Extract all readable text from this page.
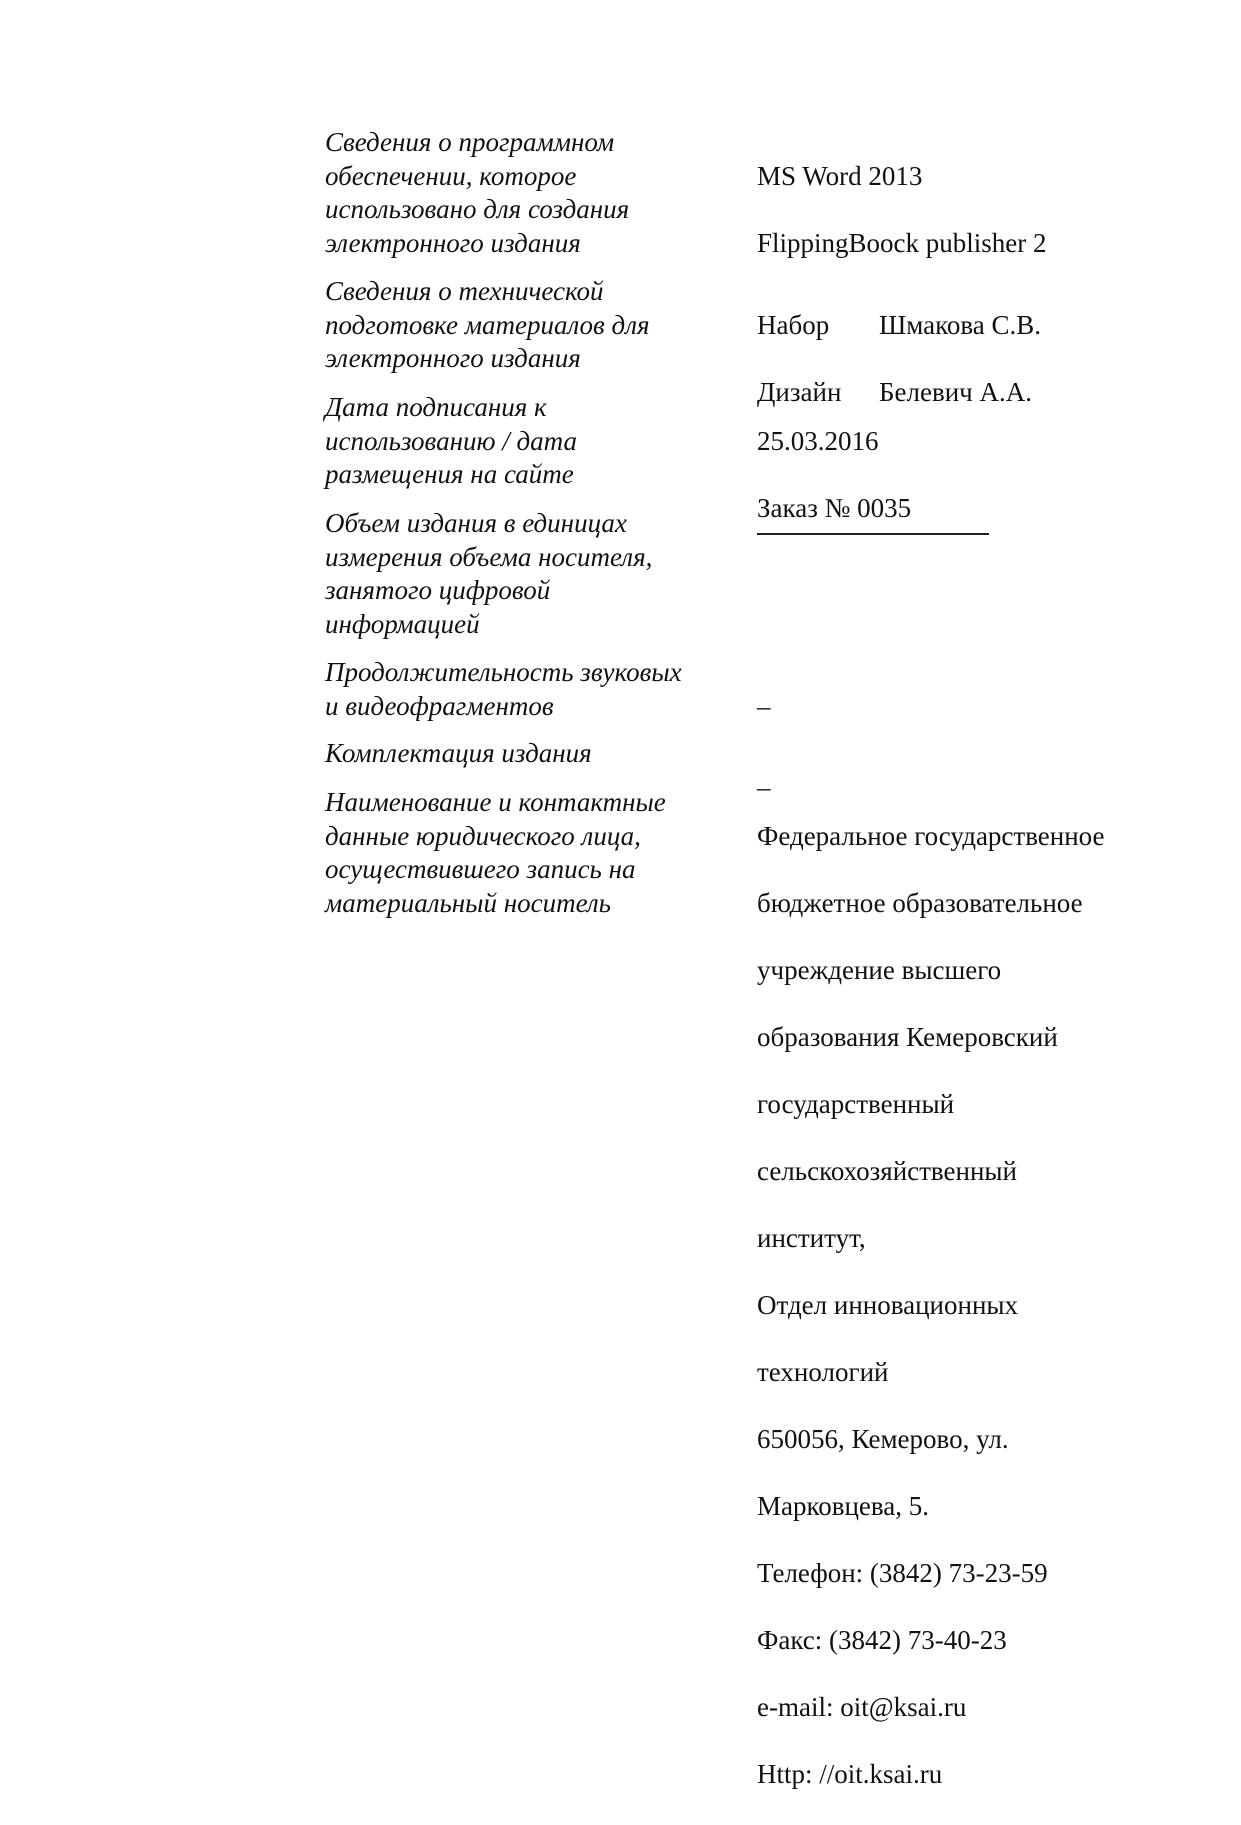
Сведения о программном
обеспечении, которое
использовано для создания
электронного издания

MS Word 2013

FlippingBoock publisher 2

Сведения о технической
подготовке материалов для
электронного издания

Набор Шмакова С.В.

Дизайн Белевич А.А.

Дата подписания к
использованию / дата
размещения на сайте

25.03.2016

Заказ № 0035

Объем издания в единицах
измерения объема носителя,
занятого цифровой
информацией
Продолжительность звуковых
и видеофрагментов	–

Комплектация издания

–

Наименование и контактные
данные юридического лица,
осуществившего запись на
материальный носитель

Федеральное государственное

бюджетное образовательное

учреждение высшего

образования Кемеровский

государственный

сельскохозяйственный

институт,

Отдел инновационных

технологий

650056, Кемерово, ул.

Марковцева, 5.

Телефон: (3842) 73-23-59

Факс: (3842) 73-40-23

e-mail: oit@ksai.ru

Http: //oit.ksai.ru
